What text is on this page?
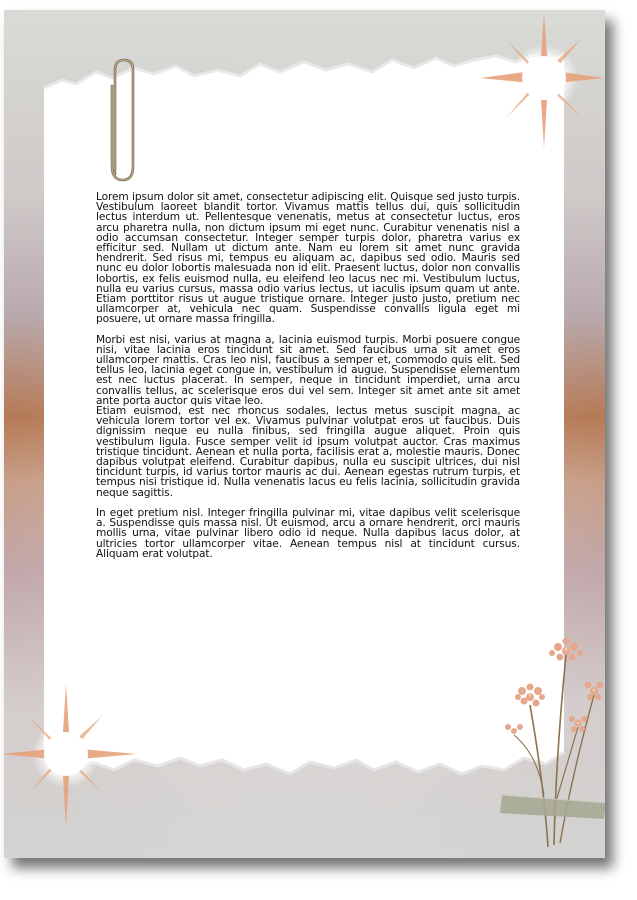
Lorem ipsum dolor sit amet, consectetur adipiscing elit. Quisque sed justo turpis. Vestibulum laoreet blandit tortor. Vivamus mattis tellus dui, quis sollicitudin lectus interdum ut. Pellentesque venenatis, metus at consectetur luctus, eros arcu pharetra nulla, non dictum ipsum mi eget nunc. Curabitur venenatis nisl a odio accumsan consectetur. Integer semper turpis dolor, pharetra varius ex efficitur sed. Nullam ut dictum ante. Nam eu lorem sit amet nunc gravida hendrerit. Sed risus mi, tempus eu aliquam ac, dapibus sed odio. Mauris sed nunc eu dolor lobortis malesuada non id elit. Praesent luctus, dolor non convallis lobortis, ex felis euismod nulla, eu eleifend leo lacus nec mi. Vestibulum luctus, nulla eu varius cursus, massa odio varius lectus, ut iaculis ipsum quam ut ante. Etiam porttitor risus ut augue tristique ornare. Integer justo justo, pretium nec ullamcorper at, vehicula nec quam. Suspendisse convallis ligula eget mi posuere, ut ornare massa fringilla.

Morbi est nisi, varius at magna a, lacinia euismod turpis. Morbi posuere congue nisi, vitae lacinia eros tincidunt sit amet. Sed faucibus urna sit amet eros ullamcorper mattis. Cras leo nisl, faucibus a semper et, commodo quis elit. Sed tellus leo, lacinia eget congue in, vestibulum id augue. Suspendisse elementum est nec luctus placerat. In semper, neque in tincidunt imperdiet, urna arcu convallis tellus, ac scelerisque eros dui vel sem. Integer sit amet ante sit amet ante porta auctor quis vitae leo.

Etiam euismod, est nec rhoncus sodales, lectus metus suscipit magna, ac vehicula lorem tortor vel ex. Vivamus pulvinar volutpat eros ut faucibus. Duis dignissim neque eu nulla finibus, sed fringilla augue aliquet. Proin quis vestibulum ligula. Fusce semper velit id ipsum volutpat auctor. Cras maximus tristique tincidunt. Aenean et nulla porta, facilisis erat a, molestie mauris. Donec dapibus volutpat eleifend. Curabitur dapibus, nulla eu suscipit ultrices, dui nisl tincidunt turpis, id varius tortor mauris ac dui. Aenean egestas rutrum turpis, et tempus nisi tristique id. Nulla venenatis lacus eu felis lacinia, sollicitudin gravida neque sagittis.

In eget pretium nisl. Integer fringilla pulvinar mi, vitae dapibus velit scelerisque a. Suspendisse quis massa nisl. Ut euismod, arcu a ornare hendrerit, orci mauris mollis urna, vitae pulvinar libero odio id neque. Nulla dapibus lacus dolor, at ultricies tortor ullamcorper vitae. Aenean tempus nisl at tincidunt cursus. Aliquam erat volutpat.
